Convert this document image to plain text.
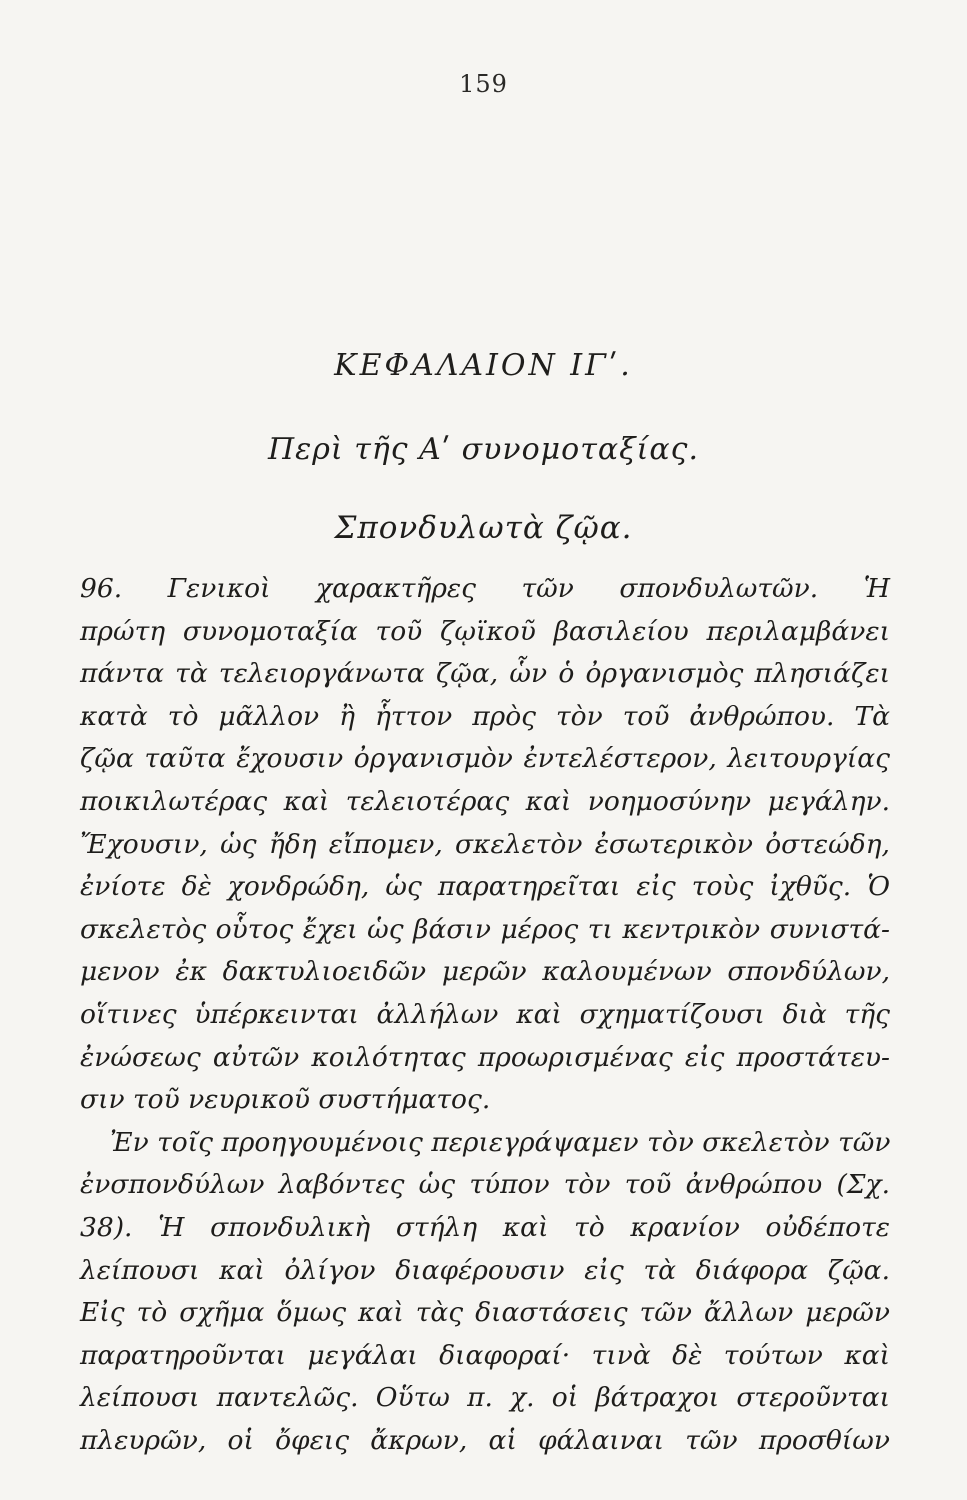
159
ΚΕΦΑΛΑΙΟΝ ΙΓʹ.
Περὶ τῆς Αʹ συνομοταξίας.
Σπονδυλωτὰ ζῷα.
96. Γενικοὶ χαρακτῆρες τῶν σπονδυλωτῶν. Ἡ
πρώτη συνομοταξία τοῦ ζῳϊκοῦ βασιλείου περιλαμβάνει
πάντα τὰ τελειοργάνωτα ζῷα, ὧν ὁ ὀργανισμὸς πλησιάζει
κατὰ τὸ μᾶλλον ἢ ἧττον πρὸς τὸν τοῦ ἀνθρώπου. Τὰ
ζῷα ταῦτα ἔχουσιν ὀργανισμὸν ἐντελέστερον, λειτουργίας
ποικιλωτέρας καὶ τελειοτέρας καὶ νοημοσύνην μεγάλην.
Ἔχουσιν, ὡς ἤδη εἴπομεν, σκελετὸν ἐσωτερικὸν ὀστεώδη,
ἐνίοτε δὲ χονδρώδη, ὡς παρατηρεῖται εἰς τοὺς ἰχθῦς. Ὁ
σκελετὸς οὗτος ἔχει ὡς βάσιν μέρος τι κεντρικὸν συνιστά-
μενον ἐκ δακτυλιοειδῶν μερῶν καλουμένων σπονδύλων,
οἵτινες ὑπέρκεινται ἀλλήλων καὶ σχηματίζουσι διὰ τῆς
ἐνώσεως αὐτῶν κοιλότητας προωρισμένας εἰς προστάτευ-
σιν τοῦ νευρικοῦ συστήματος.
Ἐν τοῖς προηγουμένοις περιεγράψαμεν τὸν σκελετὸν τῶν
ἐνσπονδύλων λαβόντες ὡς τύπον τὸν τοῦ ἀνθρώπου (Σχ.
38). Ἡ σπονδυλικὴ στήλη καὶ τὸ κρανίον οὐδέποτε
λείπουσι καὶ ὀλίγον διαφέρουσιν εἰς τὰ διάφορα ζῷα.
Εἰς τὸ σχῆμα ὅμως καὶ τὰς διαστάσεις τῶν ἄλλων μερῶν
παρατηροῦνται μεγάλαι διαφοραί· τινὰ δὲ τούτων καὶ
λείπουσι παντελῶς. Οὕτω π. χ. οἱ βάτραχοι στεροῦνται
πλευρῶν, οἱ ὄφεις ἄκρων, αἱ φάλαιναι τῶν προσθίων
